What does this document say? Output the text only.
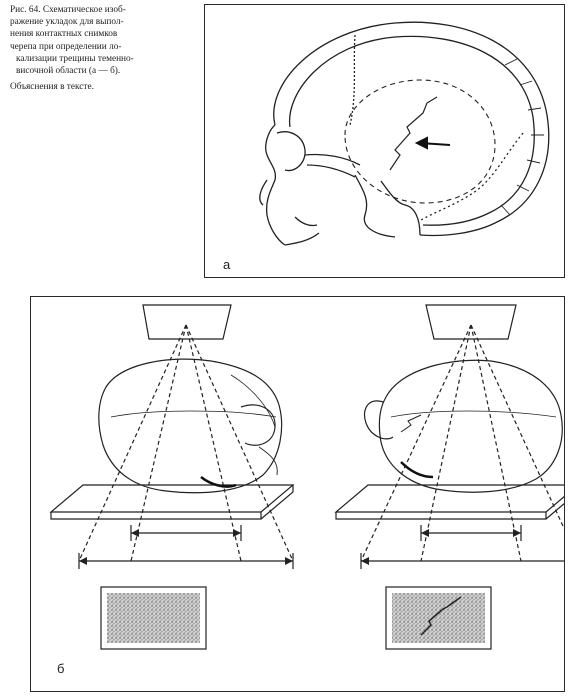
Рис. 64. Схематическое изоб-
ражение укладок для выпол-
нения контактных снимков
черепа при определении ло-
кализации трещины теменно-
височной области (а — б).
Объяснения в тексте.
а
б
